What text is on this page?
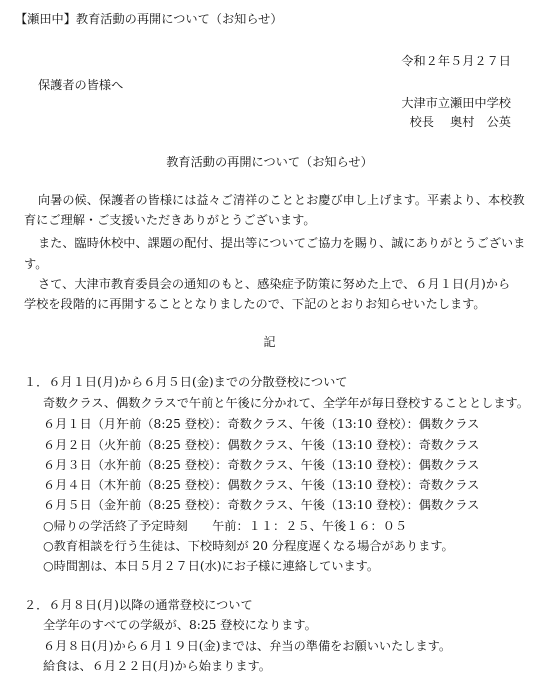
【瀬田中】教育活動の再開について（お知らせ）
令和２年５月２７日
保護者の皆様へ
大津市立瀬田中学校
校長　 奥村　公英
教育活動の再開について（お知らせ）
向暑の候、保護者の皆様には益々ご清祥のこととお慶び申し上げます。平素より、本校教
育にご理解・ご支援いただきありがとうございます。
また、臨時休校中、課題の配付、提出等についてご協力を賜り、誠にありがとうございま
す。
さて、大津市教育委員会の通知のもと、感染症予防策に努めた上で、６月１日(月)から
学校を段階的に再開することとなりましたので、下記のとおりお知らせいたします。
記
１．６月１日(月)から６月５日(金)までの分散登校について
奇数クラス、偶数クラスで午前と午後に分かれて、全学年が毎日登校することとします。
６月１日（月）午前（8:25 登校）：奇数クラス、午後（13:10 登校）：偶数クラス
６月２日（火）午前（8:25 登校）：偶数クラス、午後（13:10 登校）：奇数クラス
６月３日（水）午前（8:25 登校）：奇数クラス、午後（13:10 登校）：偶数クラス
６月４日（木）午前（8:25 登校）：偶数クラス、午後（13:10 登校）：奇数クラス
６月５日（金）午前（8:25 登校）：奇数クラス、午後（13:10 登校）：偶数クラス
○帰りの学活終了予定時刻　　午前：１１：２５、午後１６：０５
○教育相談を行う生徒は、下校時刻が 20 分程度遅くなる場合があります。
○時間割は、本日５月２７日(水)にお子様に連絡しています。
２．６月８日(月)以降の通常登校について
全学年のすべての学級が、8:25 登校になります。
６月８日(月)から６月１９日(金)までは、弁当の準備をお願いいたします。
給食は、６月２２日(月)から始まります。
